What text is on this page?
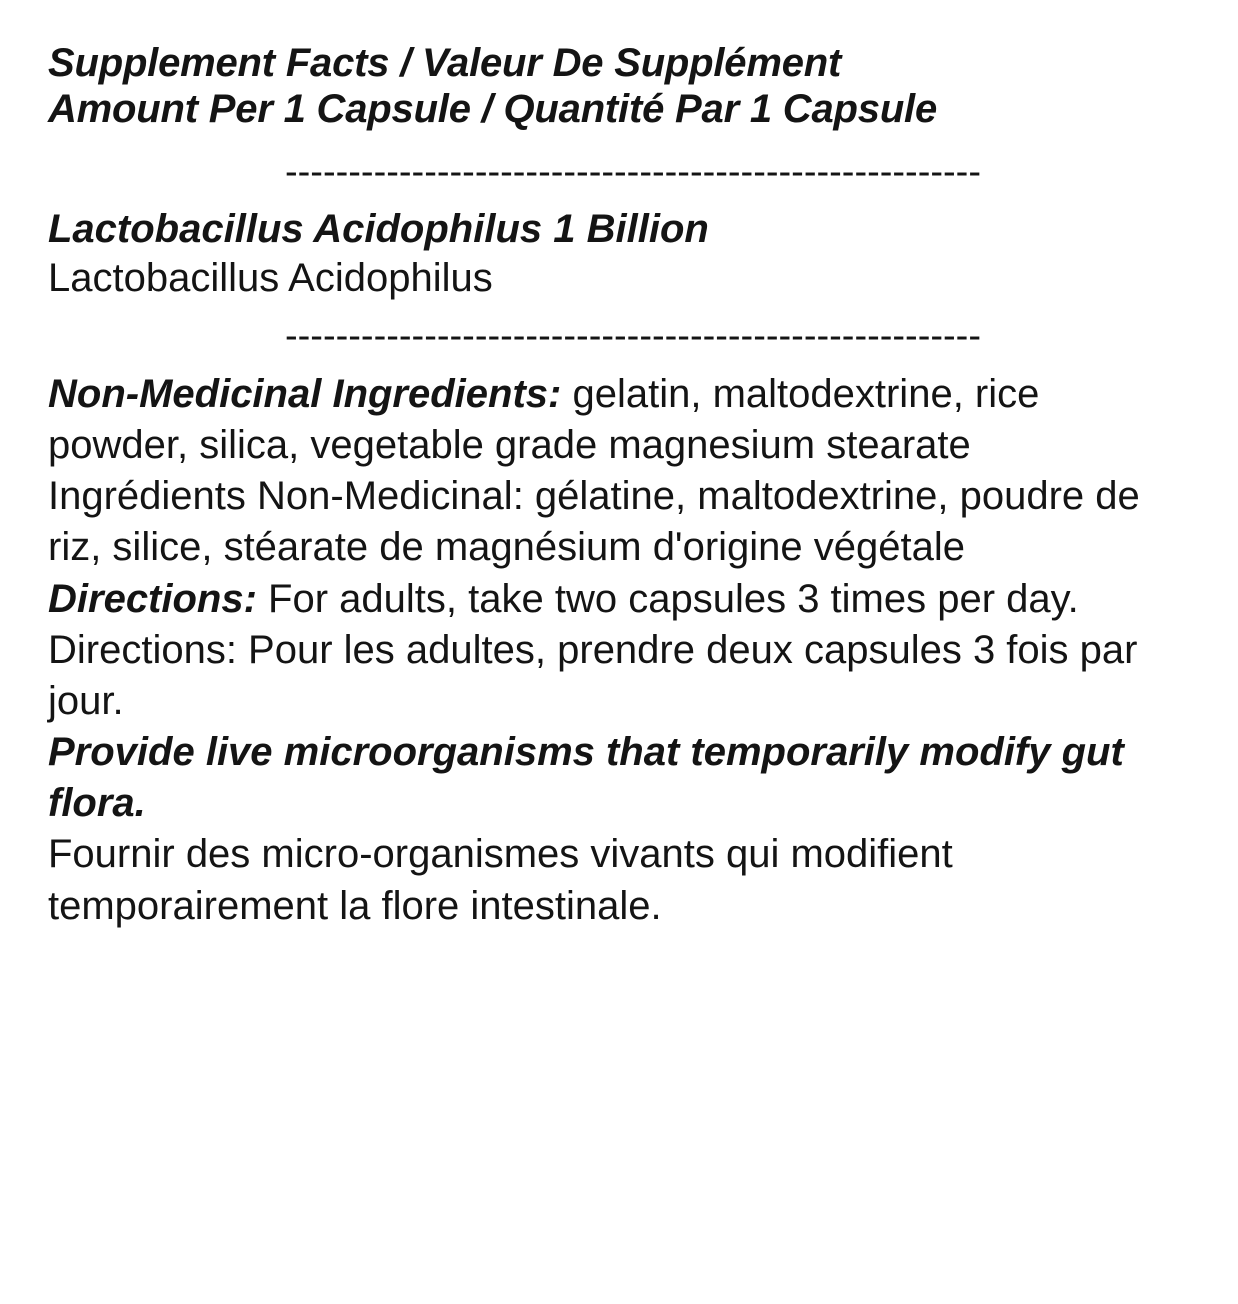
Supplement Facts / Valeur De Supplément
Amount Per 1 Capsule / Quantité Par 1 Capsule
-------------------------------------------------------
Lactobacillus Acidophilus 1 Billion
Lactobacillus Acidophilus
-------------------------------------------------------

Non-Medicinal Ingredients: gelatin, maltodextrine, rice powder, silica, vegetable grade magnesium stearate

Ingrédients Non-Medicinal: gélatine, maltodextrine, poudre de riz, silice, stéarate de magnésium d'origine végétale

Directions: For adults, take two capsules 3 times per day.

Directions: Pour les adultes, prendre deux capsules 3 fois par jour.

Provide live microorganisms that temporarily modify gut flora.

Fournir des micro-organismes vivants qui modifient temporairement la flore intestinale.
